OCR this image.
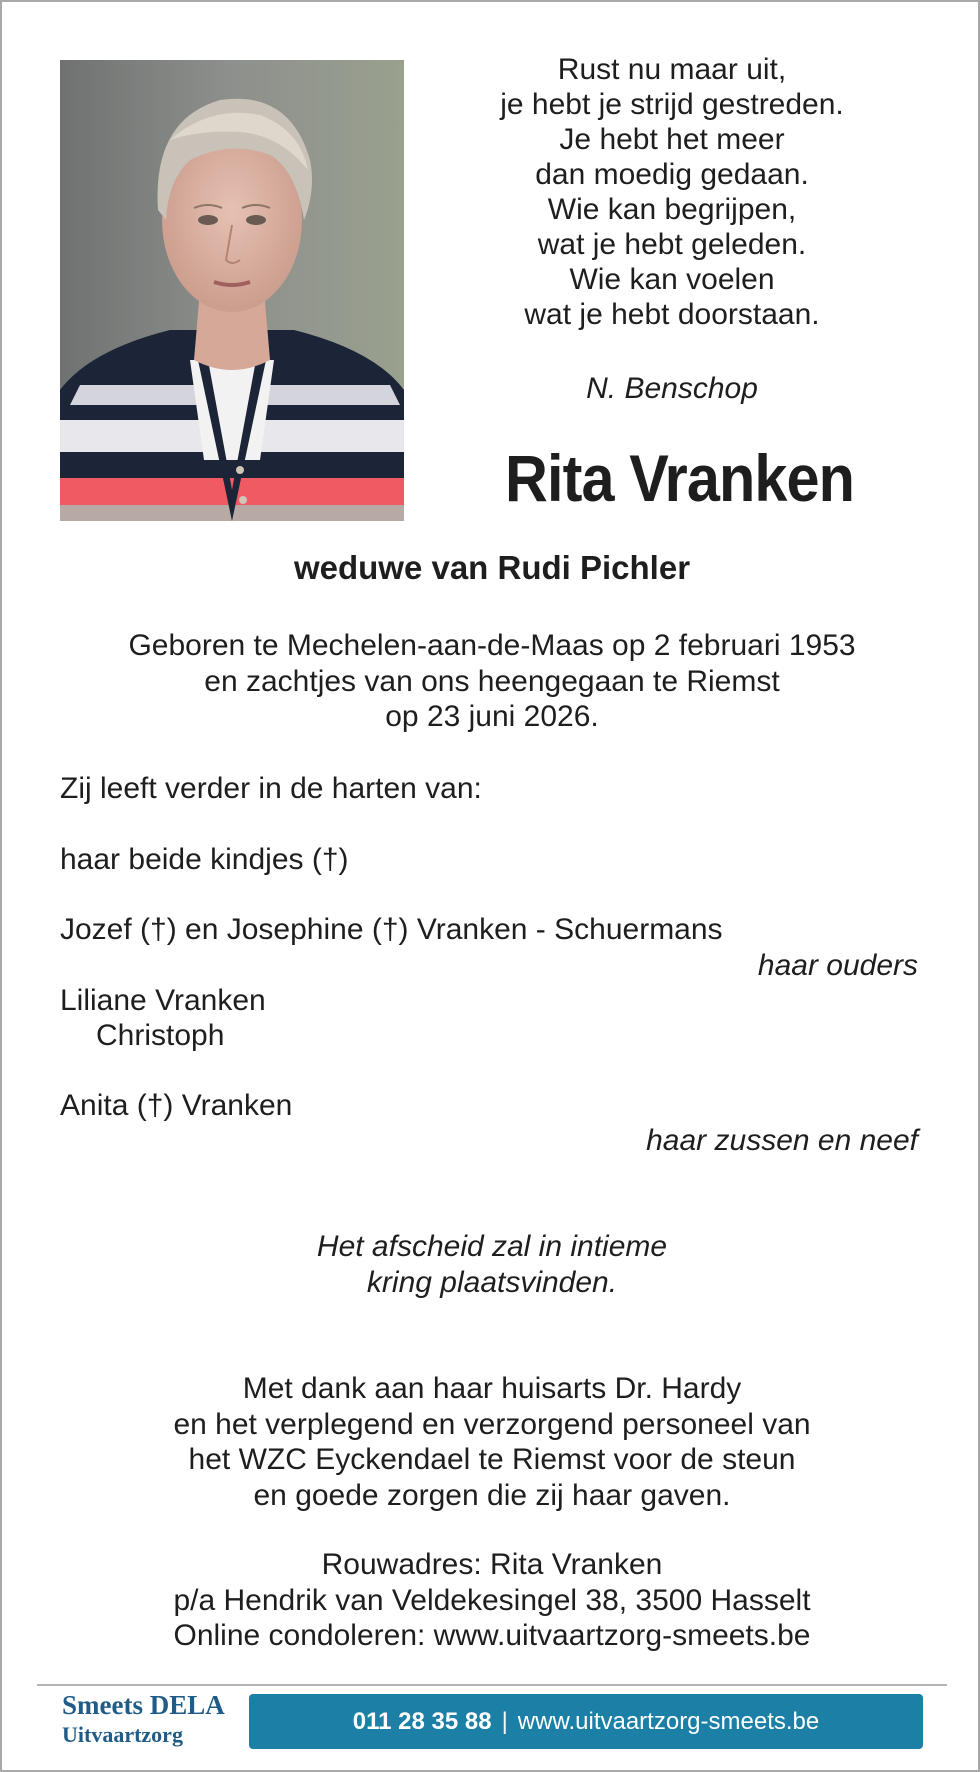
Rust nu maar uit,
je hebt je strijd gestreden.
Je hebt het meer
dan moedig gedaan.
Wie kan begrijpen,
wat je hebt geleden.
Wie kan voelen
wat je hebt doorstaan.
N. Benschop
Rita Vranken
weduwe van Rudi Pichler
Geboren te Mechelen-aan-de-Maas op 2 februari 1953
en zachtjes van ons heengegaan te Riemst
op 23 juni 2026.
Zij leeft verder in de harten van:
haar beide kindjes (†)
Jozef (†) en Josephine (†) Vranken - Schuermans
haar ouders
Liliane Vranken
Christoph
Anita (†) Vranken
haar zussen en neef
Het afscheid zal in intieme
kring plaatsvinden.
Met dank aan haar huisarts Dr. Hardy
en het verplegend en verzorgend personeel van
het WZC Eyckendael te Riemst voor de steun
en goede zorgen die zij haar gaven.
Rouwadres: Rita Vranken
p/a Hendrik van Veldekesingel 38, 3500 Hasselt
Online condoleren: www.uitvaartzorg-smeets.be
Smeets DELA
Uitvaartzorg	011 28 35 88 | www.uitvaartzorg-smeets.be
